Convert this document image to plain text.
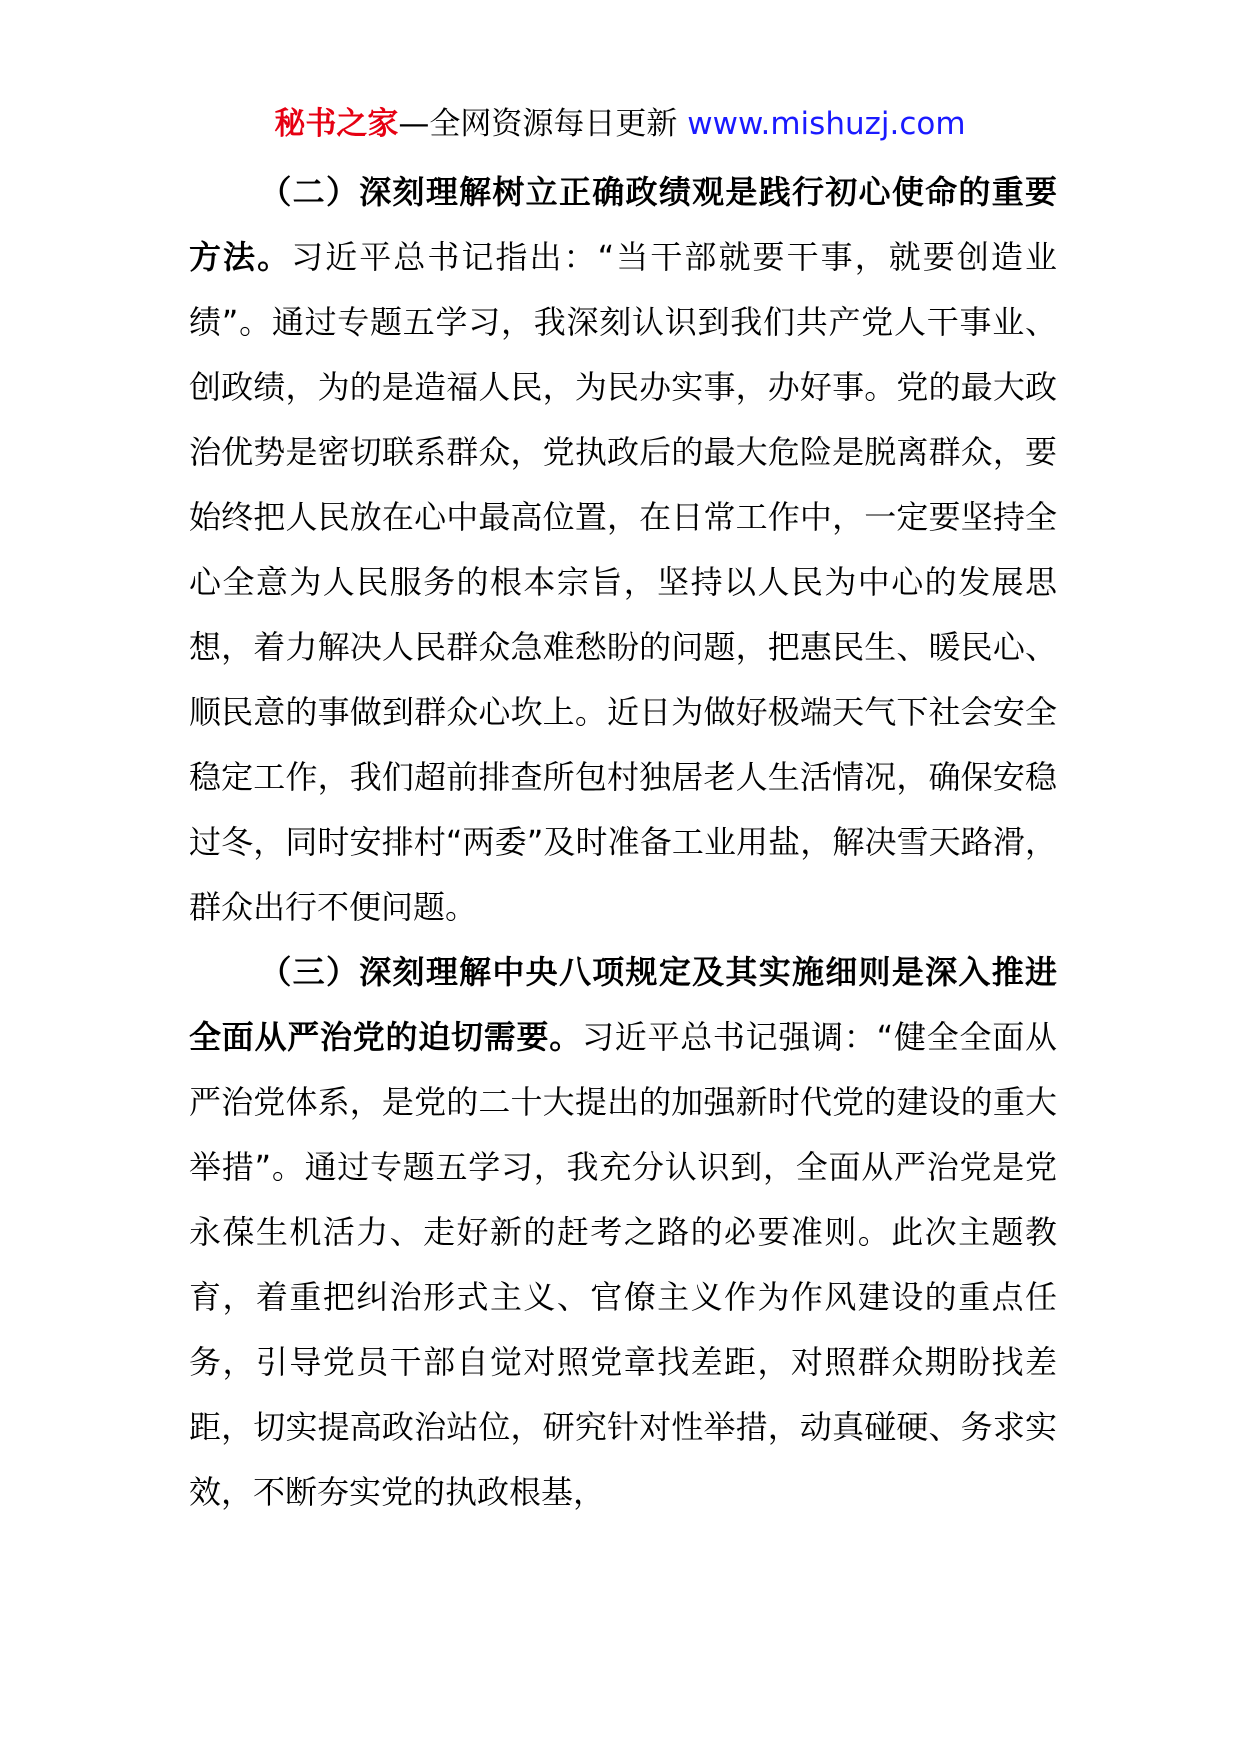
秘书之家—全网资源每日更新 www.mishuzj.com

（二）深刻理解树立正确政绩观是践行初心使命的重要方法。习近平总书记指出：“当干部就要干事，就要创造业绩”。通过专题五学习，我深刻认识到我们共产党人干事业、创政绩，为的是造福人民，为民办实事，办好事。党的最大政治优势是密切联系群众，党执政后的最大危险是脱离群众，要始终把人民放在心中最高位置，在日常工作中，一定要坚持全心全意为人民服务的根本宗旨，坚持以人民为中心的发展思想，着力解决人民群众急难愁盼的问题，把惠民生、暖民心、顺民意的事做到群众心坎上。近日为做好极端天气下社会安全稳定工作，我们超前排查所包村独居老人生活情况，确保安稳过冬，同时安排村“两委”及时准备工业用盐，解决雪天路滑，群众出行不便问题。

（三）深刻理解中央八项规定及其实施细则是深入推进全面从严治党的迫切需要。习近平总书记强调：“健全全面从严治党体系，是党的二十大提出的加强新时代党的建设的重大举措”。通过专题五学习，我充分认识到，全面从严治党是党永葆生机活力、走好新的赶考之路的必要准则。此次主题教育，着重把纠治形式主义、官僚主义作为作风建设的重点任务，引导党员干部自觉对照党章找差距，对照群众期盼找差距，切实提高政治站位，研究针对性举措，动真碰硬、务求实效，不断夯实党的执政根基，
